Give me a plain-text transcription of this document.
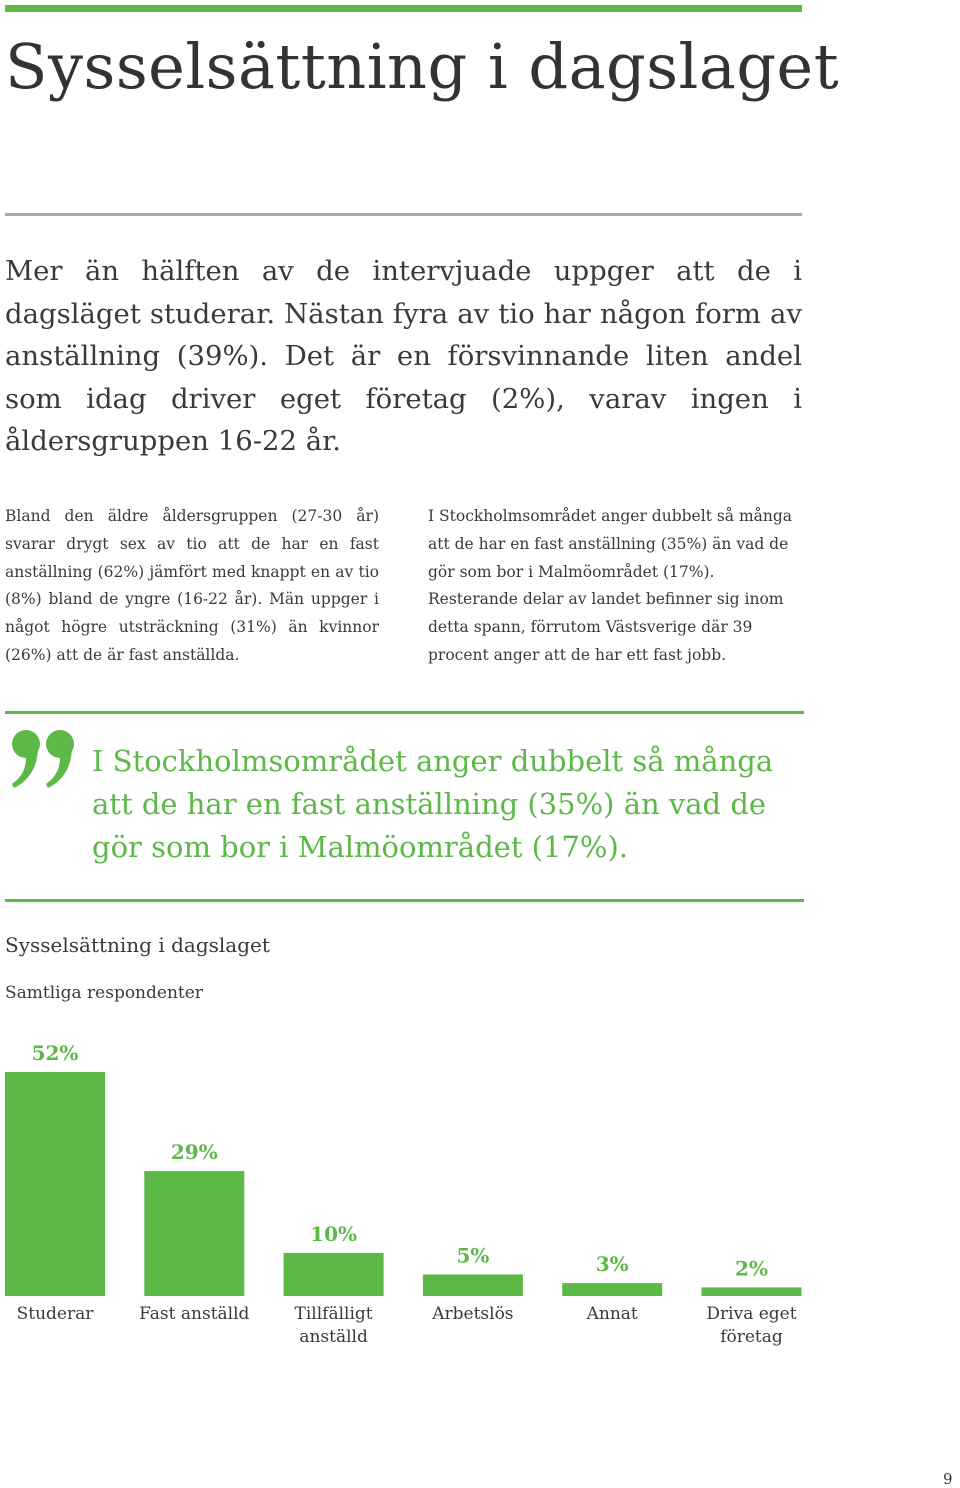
Sysselsättning i dagslaget
Mer än hälften av de intervjuade uppger att de i dagsläget studerar. Nästan fyra av tio har någon form av anställning (39%). Det är en försvinnande liten andel som idag driver eget företag (2%), varav ingen i åldersgruppen 16-22 år.
Bland den äldre åldersgruppen (27-30 år) svarar drygt sex av tio att de har en fast anställning (62%) jämfört med knappt en av tio (8%) bland de yngre (16-22 år). Män uppger i något högre utsträckning (31%) än kvinnor (26%) att de är fast anställda.
I Stockholmsområdet anger dubbelt så många att de har en fast anställning (35%) än vad de gör som bor i Malmöområdet (17%). Resterande delar av landet befinner sig inom detta spann, förrutom Västsverige där 39 procent anger att de har ett fast jobb.
I Stockholmsområdet anger dubbelt så många att de har en fast anställning (35%) än vad de gör som bor i Malmöområdet (17%).
Sysselsättning i dagslaget
Samtliga respondenter
52%
Studerar
29%
Fast anställd
10%
Tillfälligt
anställd
5%
Arbetslös
3%
Annat
2%
Driva eget
företag
9
